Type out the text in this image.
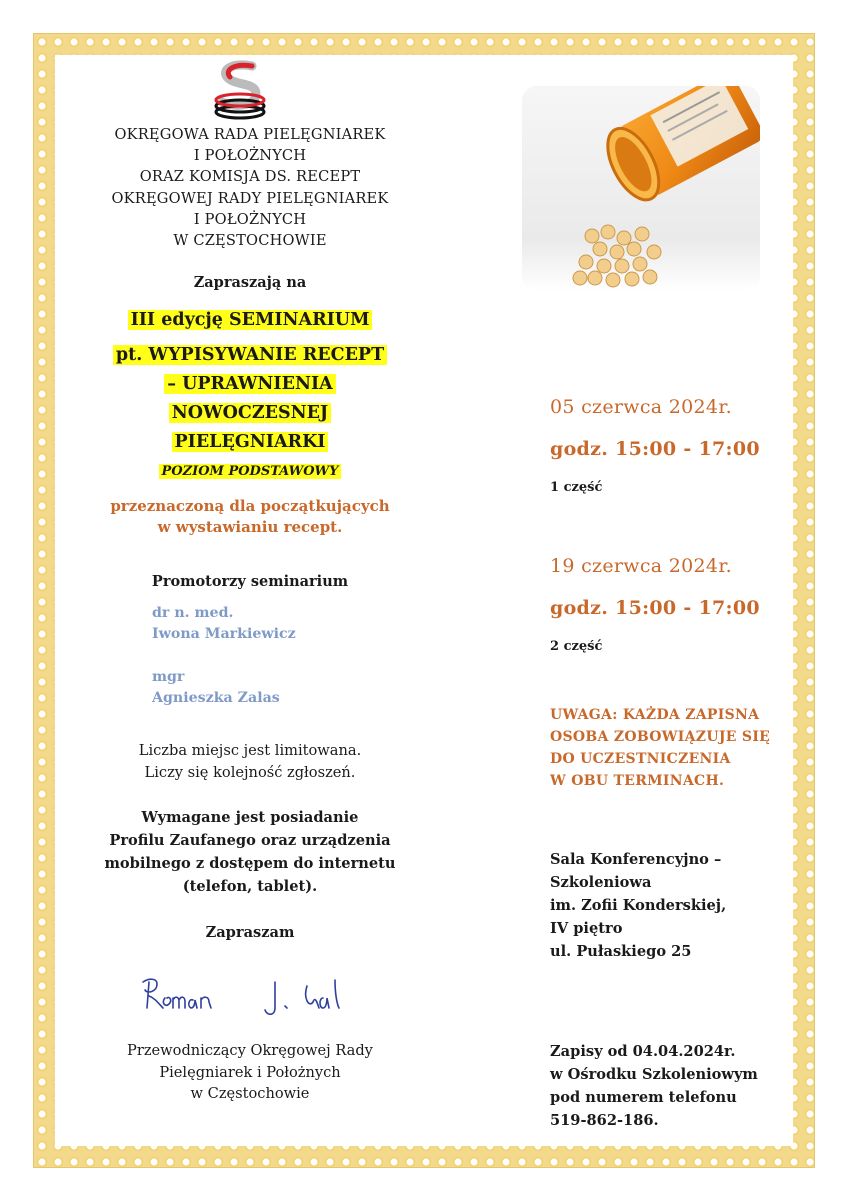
OKRĘGOWA RADA PIELĘGNIAREK
I POŁOŻNYCH
ORAZ KOMISJA DS. RECEPT
OKRĘGOWEJ RADY PIELĘGNIAREK
I POŁOŻNYCH
W CZĘSTOCHOWIE
Zapraszają na
III edycję SEMINARIUM
pt. WYPISYWANIE RECEPT
– UPRAWNIENIA
NOWOCZESNEJ
PIELĘGNIARKI
POZIOM PODSTAWOWY
przeznaczoną dla początkujących
w wystawianiu recept.
Promotorzy seminarium
dr n. med.
Iwona Markiewicz
mgr
Agnieszka Zalas
Liczba miejsc jest limitowana.
Liczy się kolejność zgłoszeń.
Wymagane jest posiadanie
Profilu Zaufanego oraz urządzenia
mobilnego z dostępem do internetu
(telefon, tablet).
Zapraszam
Przewodniczący Okręgowej Rady
Pielęgniarek i Położnych
w Częstochowie
05 czerwca 2024r.
godz. 15:00 - 17:00
1 część
19 czerwca 2024r.
godz. 15:00 - 17:00
2 część
UWAGA: KAŻDA ZAPISNA
OSOBA ZOBOWIĄZUJE SIĘ
DO UCZESTNICZENIA
W OBU TERMINACH.
Sala Konferencyjno –
Szkoleniowa
im. Zofii Konderskiej,
IV piętro
ul. Pułaskiego 25
Zapisy od 04.04.2024r.
w Ośrodku Szkoleniowym
pod numerem telefonu
519-862-186.
